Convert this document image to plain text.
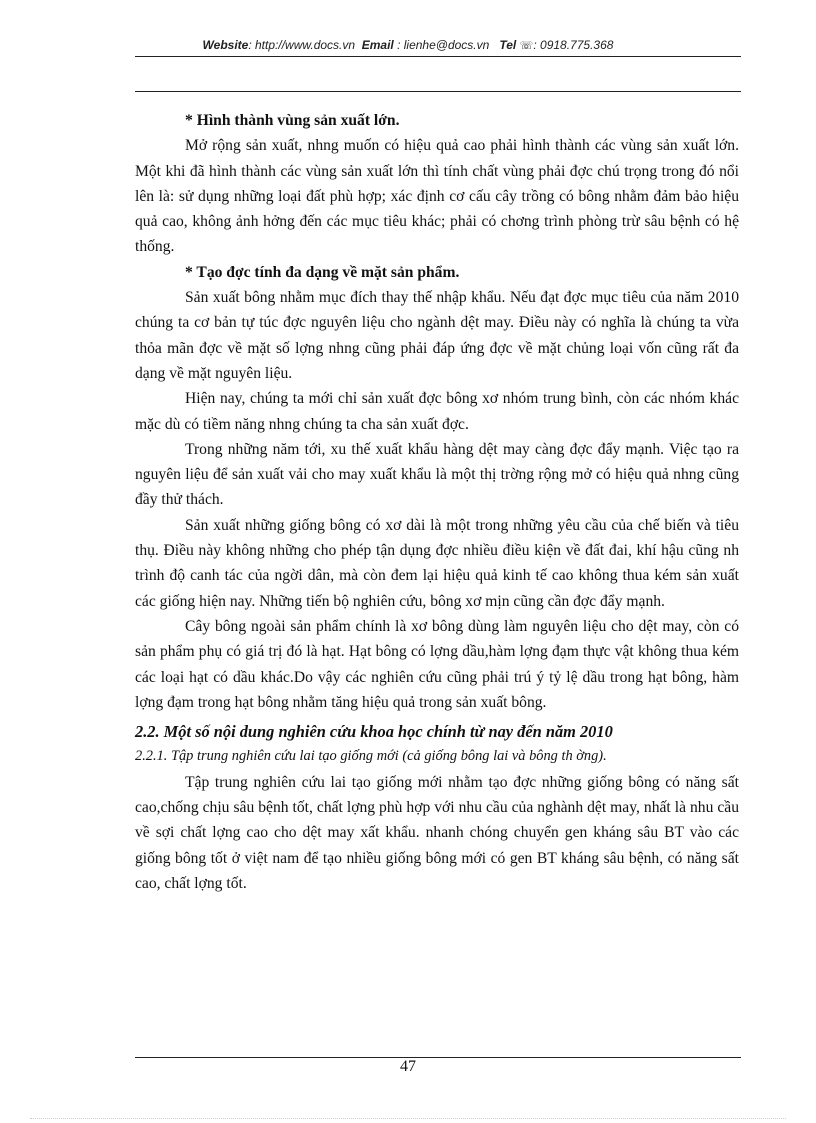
Website: http://www.docs.vn Email : lienhe@docs.vn Tel ☏: 0918.775.368

* Hình thành vùng sản xuất lớn.

Mở rộng sản xuất, nhng muốn có hiệu quả cao phải hình thành các vùng sản xuất lớn. Một khi đã hình thành các vùng sản xuất lớn thì tính chất vùng phải đợc chú trọng trong đó nổi lên là: sử dụng những loại đất phù hợp; xác định cơ cấu cây trồng có bông nhằm đảm bảo hiệu quả cao, không ảnh hởng đến các mục tiêu khác; phải có chơng trình phòng trừ sâu bệnh có hệ thống.

* Tạo đợc tính đa dạng về mặt sản phẩm.

Sản xuất bông nhằm mục đích thay thế nhập khẩu. Nếu đạt đợc mục tiêu của năm 2010 chúng ta cơ bản tự túc đợc nguyên liệu cho ngành dệt may. Điều này có nghĩa là chúng ta vừa thỏa mãn đợc về mặt số lợng nhng cũng phải đáp ứng đợc về mặt chủng loại vốn cũng rất đa dạng về mặt nguyên liệu.

Hiện nay, chúng ta mới chỉ sản xuất đợc bông xơ nhóm trung bình, còn các nhóm khác mặc dù có tiềm năng nhng chúng ta cha sản xuất đợc.

Trong những năm tới, xu thế xuất khẩu hàng dệt may càng đợc đẩy mạnh. Việc tạo ra nguyên liệu để sản xuất vải cho may xuất khẩu là một thị trờng rộng mở có hiệu quả nhng cũng đầy thử thách.

Sản xuất những giống bông có xơ dài là một trong những yêu cầu của chế biến và tiêu thụ. Điều này không những cho phép tận dụng đợc nhiều điều kiện về đất đai, khí hậu cũng nh trình độ canh tác của ngời dân, mà còn đem lại hiệu quả kinh tế cao không thua kém sản xuất các giống hiện nay. Những tiến bộ nghiên cứu, bông xơ mịn cũng cần đợc đẩy mạnh.

Cây bông ngoài sản phẩm chính là xơ bông dùng làm nguyên liệu cho dệt may, còn có sản phẩm phụ có giá trị đó là hạt. Hạt bông có lợng dầu,hàm lợng đạm thực vật không thua kém các loại hạt có dầu khác.Do vậy các nghiên cứu cũng phải trú ý tỷ lệ dầu trong hạt bông, hàm lợng đạm trong hạt bông nhằm tăng hiệu quả trong sản xuất bông.

2.2. Một số nội dung nghiên cứu khoa học chính từ nay đến năm 2010

2.2.1. Tập trung nghiên cứu lai tạo giống mới (cả giống bông lai và bông th ờng).

Tập trung nghiên cứu lai tạo giống mới nhằm tạo đợc những giống bông có năng sất cao,chống chịu sâu bệnh tốt, chất lợng phù hợp với nhu cầu của nghành dệt may, nhất là nhu cầu về sợi chất lợng cao cho dệt may xất khẩu. nhanh chóng chuyển gen kháng sâu BT vào các giống bông tốt ở việt nam để tạo nhiều giống bông mới có gen BT kháng sâu bệnh, có năng sất cao, chất lợng tốt.

47
